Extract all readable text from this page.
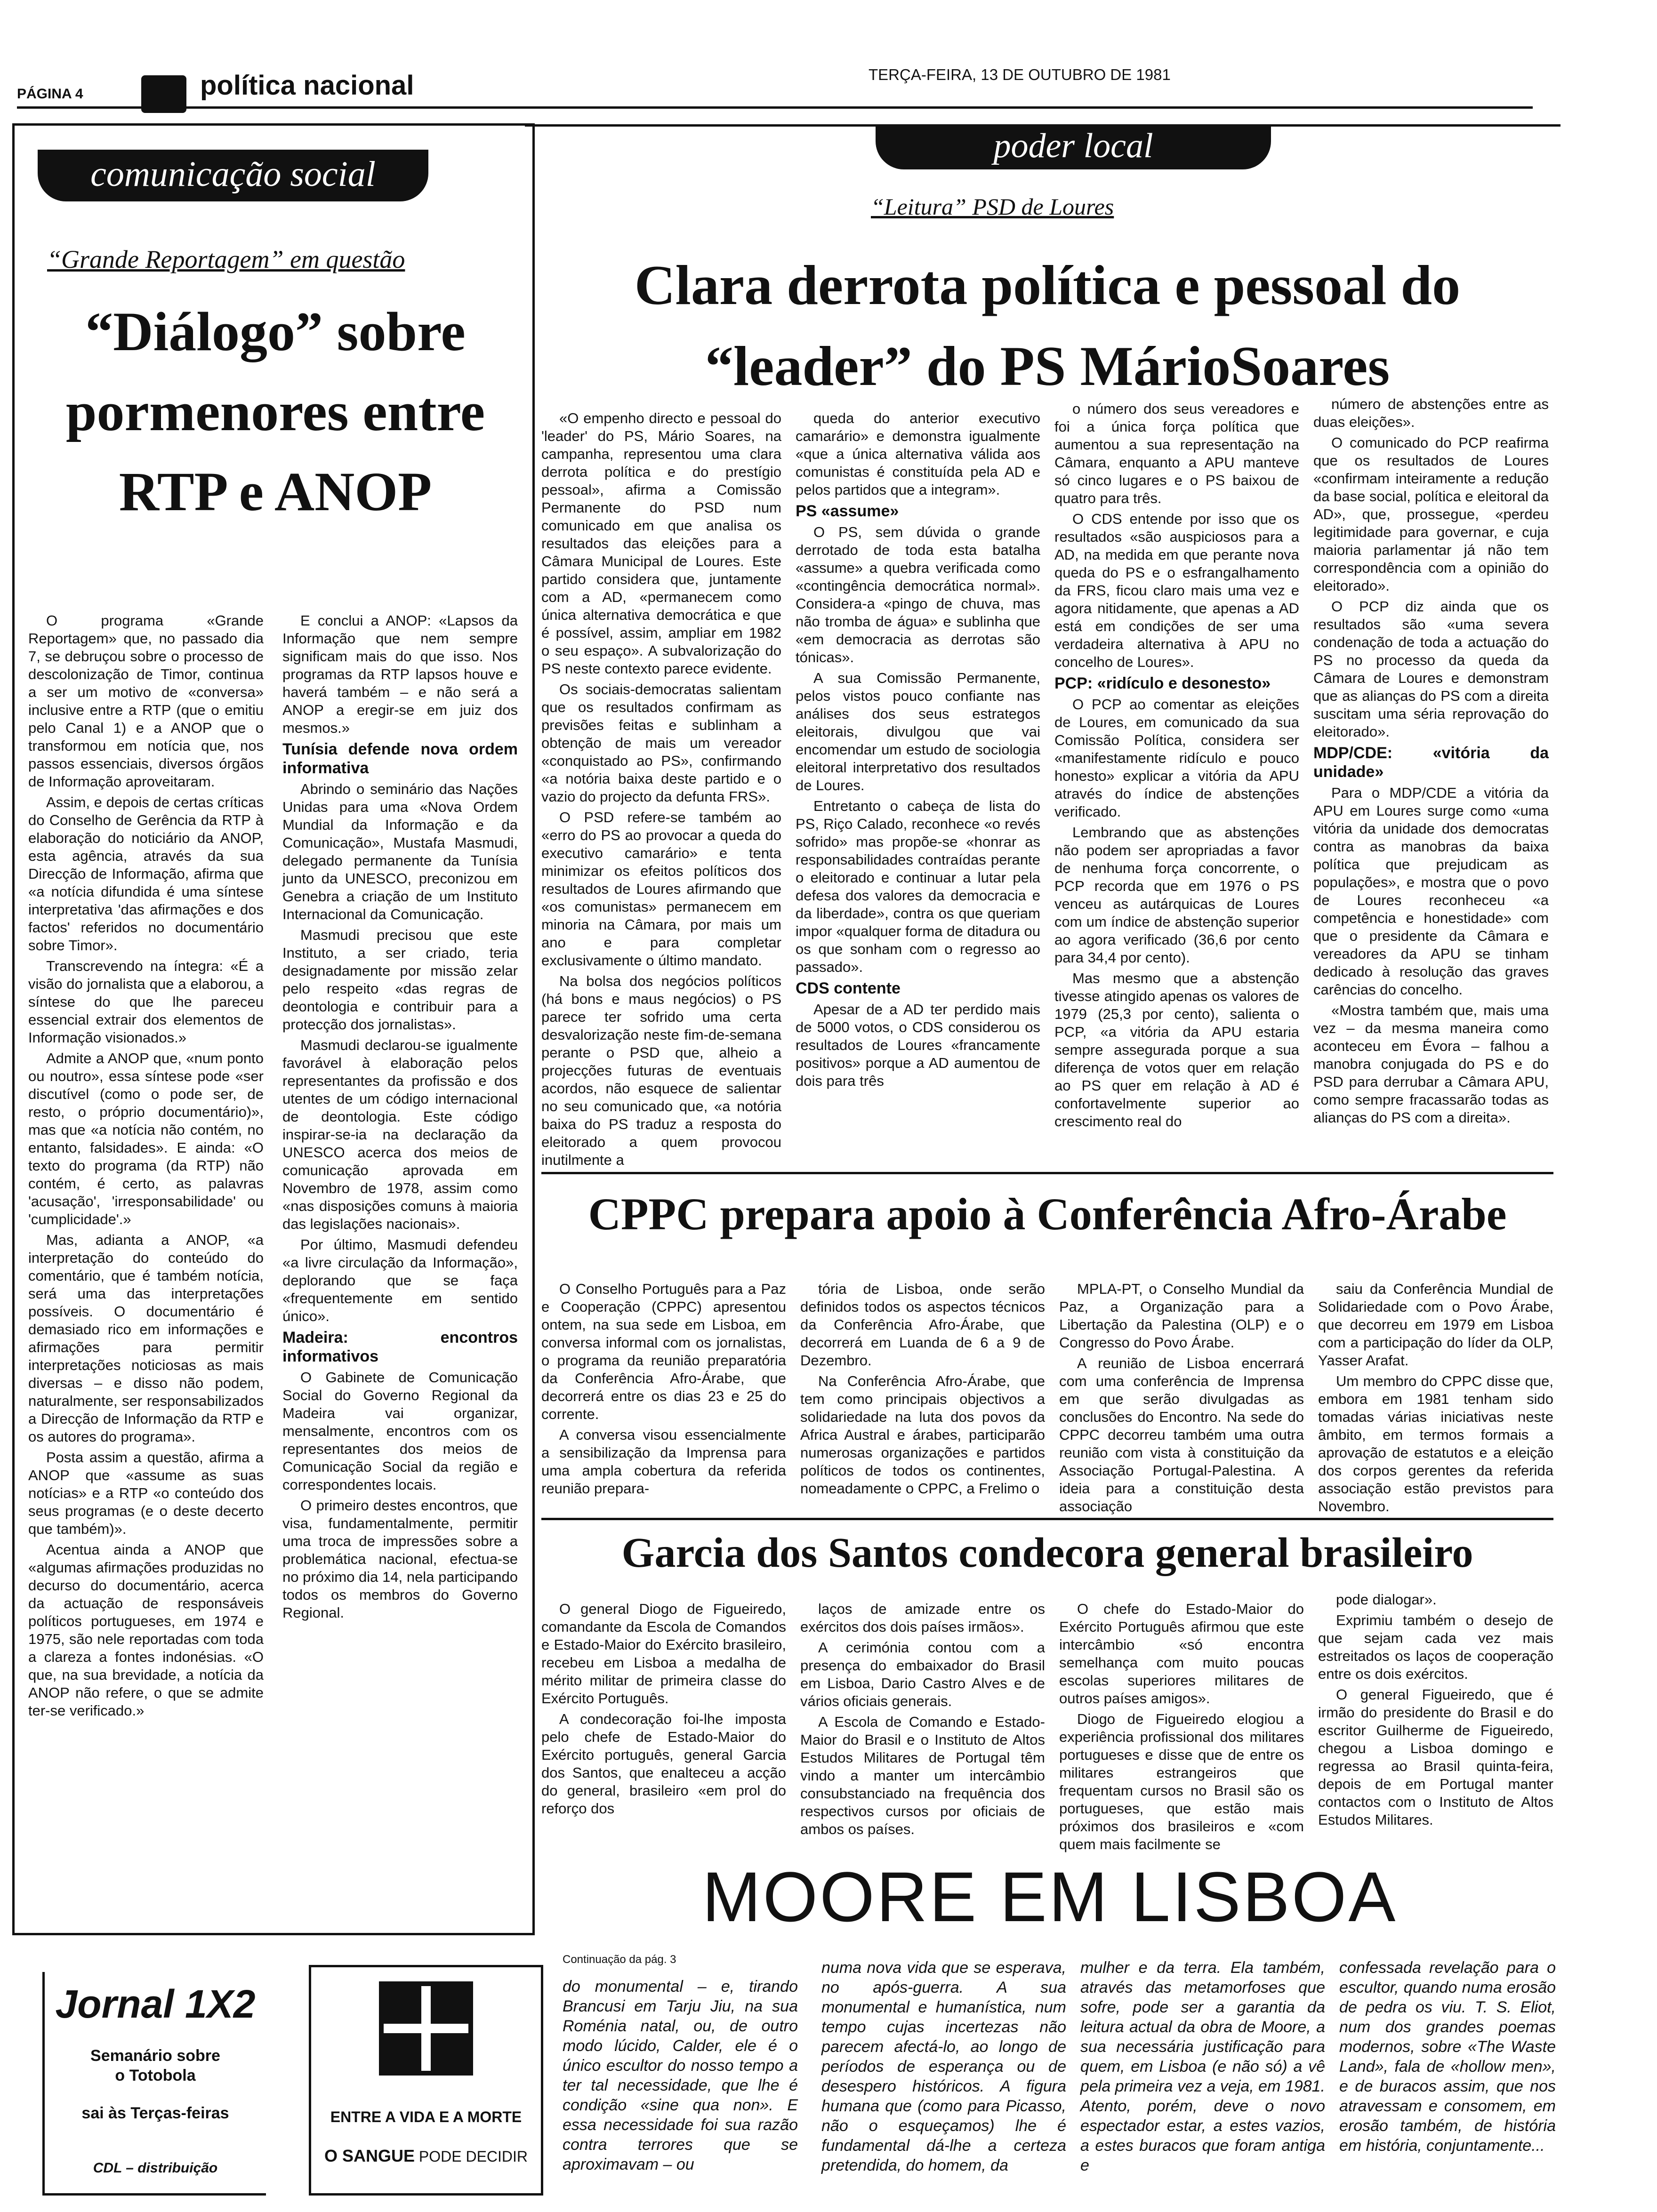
PÁGINA 4	política nacional	TERÇA-FEIRA, 13 DE OUTUBRO DE 1981
comunicação social
“Grande Reportagem” em questão
“Diálogo” sobre pormenores entre RTP e ANOP

O programa «Grande Reportagem» que, no passado dia 7, se debruçou sobre o processo de descolonização de Timor, continua a ser um motivo de «conversa» inclusive entre a RTP (que o emitiu pelo Canal 1) e a ANOP que o transformou em notícia que, nos passos essenciais, diversos órgãos de Informação aproveitaram.

Assim, e depois de certas críticas do Conselho de Gerência da RTP à elaboração do noticiário da ANOP, esta agência, através da sua Direcção de Informação, afirma que «a notícia difundida é uma síntese interpretativa 'das afirmações e dos factos' referidos no documentário sobre Timor».

Transcrevendo na íntegra: «É a visão do jornalista que a elaborou, a síntese do que lhe pareceu essencial extrair dos elementos de Informação visionados.»

Admite a ANOP que, «num ponto ou noutro», essa síntese pode «ser discutível (como o pode ser, de resto, o próprio documentário)», mas que «a notícia não contém, no entanto, falsidades». E ainda: «O texto do programa (da RTP) não contém, é certo, as palavras 'acusação', 'irresponsabilidade' ou 'cumplicidade'.»

Mas, adianta a ANOP, «a interpretação do conteúdo do comentário, que é também notícia, será uma das interpretações possíveis. O documentário é demasiado rico em informações e afirmações para permitir interpretações noticiosas as mais diversas – e disso não podem, naturalmente, ser responsabilizados a Direcção de Informação da RTP e os autores do programa».

Posta assim a questão, afirma a ANOP que «assume as suas notícias» e a RTP «o conteúdo dos seus programas (e o deste decerto que também)».

Acentua ainda a ANOP que «algumas afirmações produzidas no decurso do documentário, acerca da actuação de responsáveis políticos portugueses, em 1974 e 1975, são nele reportadas com toda a clareza a fontes indonésias. «O que, na sua brevidade, a notícia da ANOP não refere, o que se admite ter-se verificado.»

E conclui a ANOP: «Lapsos da Informação que nem sempre significam mais do que isso. Nos programas da RTP lapsos houve e haverá também – e não será a ANOP a eregir-se em juiz dos mesmos.»

Tunísia defende nova ordem informativa

Abrindo o seminário das Nações Unidas para uma «Nova Ordem Mundial da Informação e da Comunicação», Mustafa Masmudi, delegado permanente da Tunísia junto da UNESCO, preconizou em Genebra a criação de um Instituto Internacional da Comunicação.

Masmudi precisou que este Instituto, a ser criado, teria designadamente por missão zelar pelo respeito «das regras de deontologia e contribuir para a protecção dos jornalistas».

Masmudi declarou-se igualmente favorável à elaboração pelos representantes da profissão e dos utentes de um código internacional de deontologia. Este código inspirar-se-ia na declaração da UNESCO acerca dos meios de comunicação aprovada em Novembro de 1978, assim como «nas disposições comuns à maioria das legislações nacionais».

Por último, Masmudi defendeu «a livre circulação da Informação», deplorando que se faça «frequentemente em sentido único».

Madeira: encontros informativos

O Gabinete de Comunicação Social do Governo Regional da Madeira vai organizar, mensalmente, encontros com os representantes dos meios de Comunicação Social da região e correspondentes locais.

O primeiro destes encontros, que visa, fundamentalmente, permitir uma troca de impressões sobre a problemática nacional, efectua-se no próximo dia 14, nela participando todos os membros do Governo Regional.

Jornal 1X2
Semanário sobre o Totobola
sai às Terças-feiras
CDL – distribuição
ENTRE A VIDA E A MORTE
O SANGUE PODE DECIDIR
poder local
“Leitura” PSD de Loures
Clara derrota política e pessoal do “leader” do PS MárioSoares

«O empenho directo e pessoal do 'leader' do PS, Mário Soares, na campanha, representou uma clara derrota política e do prestígio pessoal», afirma a Comissão Permanente do PSD num comunicado em que analisa os resultados das eleições para a Câmara Municipal de Loures. Este partido considera que, juntamente com a AD, «permanecem como única alternativa democrática e que é possível, assim, ampliar em 1982 o seu espaço». A subvalorização do PS neste contexto parece evidente.

Os sociais-democratas salientam que os resultados confirmam as previsões feitas e sublinham a obtenção de mais um vereador «conquistado ao PS», confirmando «a notória baixa deste partido e o vazio do projecto da defunta FRS».

O PSD refere-se também ao «erro do PS ao provocar a queda do executivo camarário» e tenta minimizar os efeitos políticos dos resultados de Loures afirmando que «os comunistas» permanecem em minoria na Câmara, por mais um ano e para completar exclusivamente o último mandato.

Na bolsa dos negócios políticos (há bons e maus negócios) o PS parece ter sofrido uma certa desvalorização neste fim-de-semana perante o PSD que, alheio a projecções futuras de eventuais acordos, não esquece de salientar no seu comunicado que, «a notória baixa do PS traduz a resposta do eleitorado a quem provocou inutilmente a

queda do anterior executivo camarário» e demonstra igualmente «que a única alternativa válida aos comunistas é constituída pela AD e pelos partidos que a integram».

PS «assume»

O PS, sem dúvida o grande derrotado de toda esta batalha «assume» a quebra verificada como «contingência democrática normal». Considera-a «pingo de chuva, mas não tromba de água» e sublinha que «em democracia as derrotas são tónicas».

A sua Comissão Permanente, pelos vistos pouco confiante nas análises dos seus estrategos eleitorais, divulgou que vai encomendar um estudo de sociologia eleitoral interpretativo dos resultados de Loures.

Entretanto o cabeça de lista do PS, Riço Calado, reconhece «o revés sofrido» mas propõe-se «honrar as responsabilidades contraídas perante o eleitorado e continuar a lutar pela defesa dos valores da democracia e da liberdade», contra os que queriam impor «qualquer forma de ditadura ou os que sonham com o regresso ao passado».

CDS contente

Apesar de a AD ter perdido mais de 5000 votos, o CDS considerou os resultados de Loures «francamente positivos» porque a AD aumentou de dois para três

o número dos seus vereadores e foi a única força política que aumentou a sua representação na Câmara, enquanto a APU manteve só cinco lugares e o PS baixou de quatro para três.

O CDS entende por isso que os resultados «são auspiciosos para a AD, na medida em que perante nova queda do PS e o esfrangalhamento da FRS, ficou claro mais uma vez e agora nitidamente, que apenas a AD está em condições de ser uma verdadeira alternativa à APU no concelho de Loures».

PCP: «ridículo e desonesto»

O PCP ao comentar as eleições de Loures, em comunicado da sua Comissão Política, considera ser «manifestamente ridículo e pouco honesto» explicar a vitória da APU através do índice de abstenções verificado.

Lembrando que as abstenções não podem ser apropriadas a favor de nenhuma força concorrente, o PCP recorda que em 1976 o PS venceu as autárquicas de Loures com um índice de abstenção superior ao agora verificado (36,6 por cento para 34,4 por cento).

Mas mesmo que a abstenção tivesse atingido apenas os valores de 1979 (25,3 por cento), salienta o PCP, «a vitória da APU estaria sempre assegurada porque a sua diferença de votos quer em relação ao PS quer em relação à AD é confortavelmente superior ao crescimento real do

número de abstenções entre as duas eleições».

O comunicado do PCP reafirma que os resultados de Loures «confirmam inteiramente a redução da base social, política e eleitoral da AD», que, prossegue, «perdeu legitimidade para governar, e cuja maioria parlamentar já não tem correspondência com a opinião do eleitorado».

O PCP diz ainda que os resultados são «uma severa condenação de toda a actuação do PS no processo da queda da Câmara de Loures e demonstram que as alianças do PS com a direita suscitam uma séria reprovação do eleitorado».

MDP/CDE: «vitória da unidade»

Para o MDP/CDE a vitória da APU em Loures surge como «uma vitória da unidade dos democratas contra as manobras da baixa política que prejudicam as populações», e mostra que o povo de Loures reconheceu «a competência e honestidade» com que o presidente da Câmara e vereadores da APU se tinham dedicado à resolução das graves carências do concelho.

«Mostra também que, mais uma vez – da mesma maneira como aconteceu em Évora – falhou a manobra conjugada do PS e do PSD para derrubar a Câmara APU, como sempre fracassarão todas as alianças do PS com a direita».

CPPC prepara apoio à Conferência Afro-Árabe

O Conselho Português para a Paz e Cooperação (CPPC) apresentou ontem, na sua sede em Lisboa, em conversa informal com os jornalistas, o programa da reunião preparatória da Conferência Afro-Árabe, que decorrerá entre os dias 23 e 25 do corrente.

A conversa visou essencialmente a sensibilização da Imprensa para uma ampla cobertura da referida reunião prepara-

tória de Lisboa, onde serão definidos todos os aspectos técnicos da Conferência Afro-Árabe, que decorrerá em Luanda de 6 a 9 de Dezembro.

Na Conferência Afro-Árabe, que tem como principais objectivos a solidariedade na luta dos povos da Africa Austral e árabes, participarão numerosas organizações e partidos políticos de todos os continentes, nomeadamente o CPPC, a Frelimo o

MPLA-PT, o Conselho Mundial da Paz, a Organização para a Libertação da Palestina (OLP) e o Congresso do Povo Árabe.

A reunião de Lisboa encerrará com uma conferência de Imprensa em que serão divulgadas as conclusões do Encontro. Na sede do CPPC decorreu também uma outra reunião com vista à constituição da Associação Portugal-Palestina. A ideia para a constituição desta associação

saiu da Conferência Mundial de Solidariedade com o Povo Árabe, que decorreu em 1979 em Lisboa com a participação do líder da OLP, Yasser Arafat.

Um membro do CPPC disse que, embora em 1981 tenham sido tomadas várias iniciativas neste âmbito, em termos formais a aprovação de estatutos e a eleição dos corpos gerentes da referida associação estão previstos para Novembro.

Garcia dos Santos condecora general brasileiro

O general Diogo de Figueiredo, comandante da Escola de Comandos e Estado-Maior do Exército brasileiro, recebeu em Lisboa a medalha de mérito militar de primeira classe do Exército Português.

A condecoração foi-lhe imposta pelo chefe de Estado-Maior do Exército português, general Garcia dos Santos, que enalteceu a acção do general, brasileiro «em prol do reforço dos

laços de amizade entre os exércitos dos dois países irmãos».

A cerimónia contou com a presença do embaixador do Brasil em Lisboa, Dario Castro Alves e de vários oficiais generais.

A Escola de Comando e Estado-Maior do Brasil e o Instituto de Altos Estudos Militares de Portugal têm vindo a manter um intercâmbio consubstanciado na frequência dos respectivos cursos por oficiais de ambos os países.

O chefe do Estado-Maior do Exército Português afirmou que este intercâmbio «só encontra semelhança com muito poucas escolas superiores militares de outros países amigos».

Diogo de Figueiredo elogiou a experiência profissional dos militares portugueses e disse que de entre os militares estrangeiros que frequentam cursos no Brasil são os portugueses, que estão mais próximos dos brasileiros e «com quem mais facilmente se

pode dialogar».

Exprimiu também o desejo de que sejam cada vez mais estreitados os laços de cooperação entre os dois exércitos.

O general Figueiredo, que é irmão do presidente do Brasil e do escritor Guilherme de Figueiredo, chegou a Lisboa domingo e regressa ao Brasil quinta-feira, depois de em Portugal manter contactos com o Instituto de Altos Estudos Militares.

MOORE EM LISBOA
Continuação da pág. 3

do monumental – e, tirando Brancusi em Tarju Jiu, na sua Roménia natal, ou, de outro modo lúcido, Calder, ele é o único escultor do nosso tempo a ter tal necessidade, que lhe é condição «sine qua non». E essa necessidade foi sua razão contra terrores que se aproximavam – ou

numa nova vida que se esperava, no após-guerra. A sua monumental e humanística, num tempo cujas incertezas não parecem afectá-lo, ao longo de períodos de esperança ou de desespero históricos. A figura humana que (como para Picasso, não o esqueçamos) lhe é fundamental dá-lhe a certeza pretendida, do homem, da

mulher e da terra. Ela também, através das metamorfoses que sofre, pode ser a garantia da leitura actual da obra de Moore, a sua necessária justificação para quem, em Lisboa (e não só) a vê pela primeira vez a veja, em 1981. Atento, porém, deve o novo espectador estar, a estes vazios, a estes buracos que foram antiga e

confessada revelação para o escultor, quando numa erosão de pedra os viu. T. S. Eliot, num dos grandes poemas modernos, sobre «The Waste Land», fala de «hollow men», e de buracos assim, que nos atravessam e consomem, em erosão também, de história em história, conjuntamente...
